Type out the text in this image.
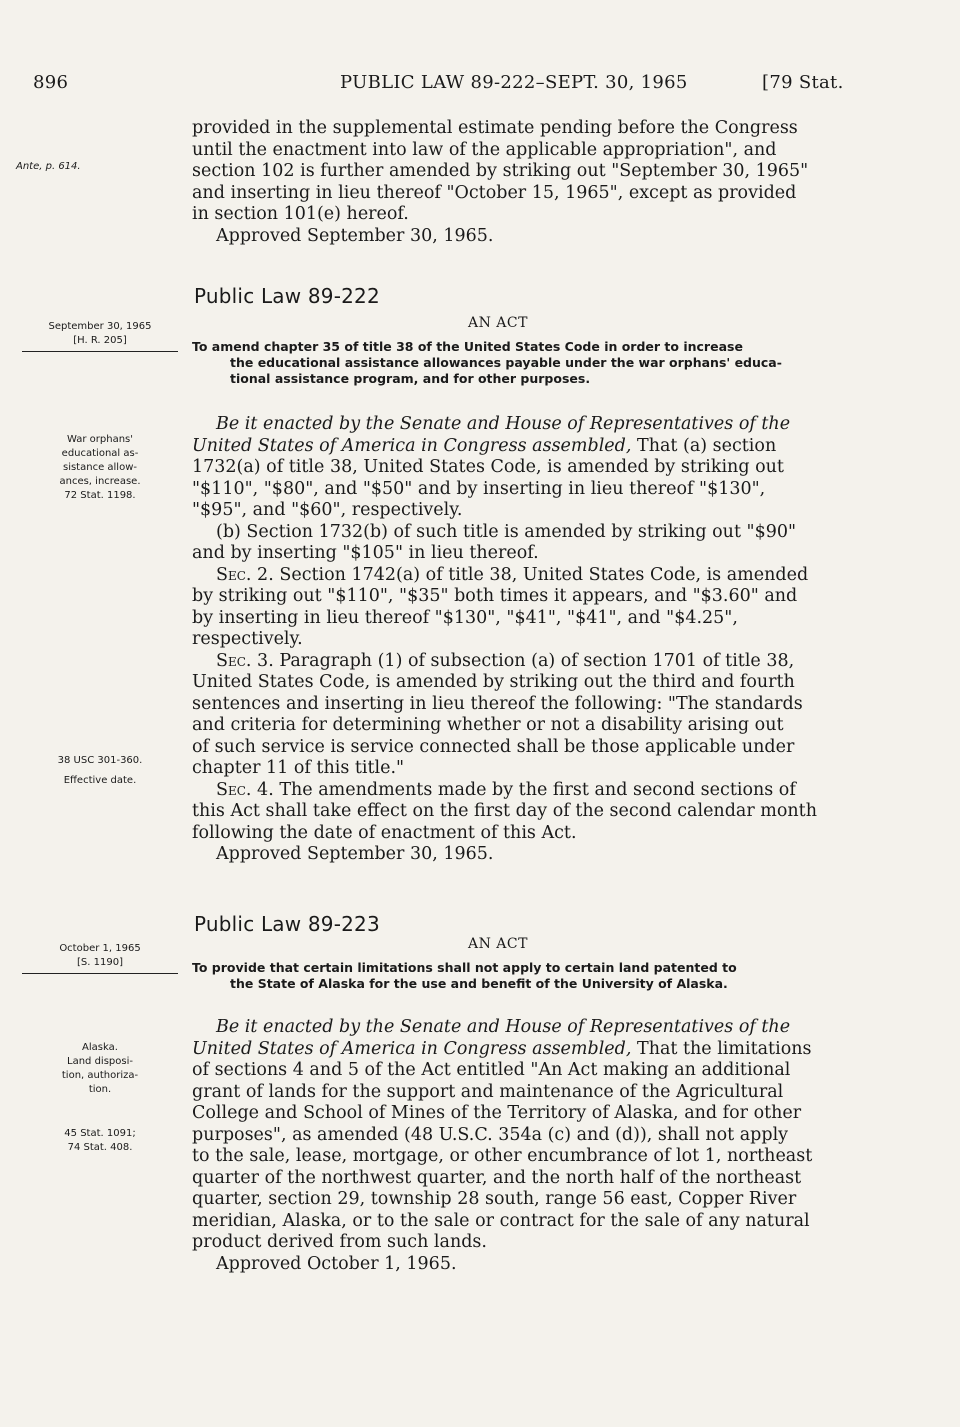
896	PUBLIC LAW 89-222–SEPT. 30, 1965	[79 Stat.
Ante, p. 614.
provided in the supplemental estimate pending before the Congress
until the enactment into law of the applicable appropriation", and
section 102 is further amended by striking out "September 30, 1965"
and inserting in lieu thereof "October 15, 1965", except as provided
in section 101(e) hereof.
Approved September 30, 1965.
Public Law 89-222
AN ACT
September 30, 1965
[H. R. 205]	To amend chapter 35 of title 38 of the United States Code in order to increase
the educational assistance allowances payable under the war orphans' educa-
tional assistance program, and for other purposes.
War orphans'
educational as-
sistance allow-
ances, increase.
72 Stat. 1198.
Be it enacted by the Senate and House of Representatives of the
United States of America in Congress assembled, That (a) section
1732(a) of title 38, United States Code, is amended by striking out
"$110", "$80", and "$50" and by inserting in lieu thereof "$130",
"$95", and "$60", respectively.
(b) Section 1732(b) of such title is amended by striking out "$90"
and by inserting "$105" in lieu thereof.
Sec. 2. Section 1742(a) of title 38, United States Code, is amended
by striking out "$110", "$35" both times it appears, and "$3.60" and
by inserting in lieu thereof "$130", "$41", "$41", and "$4.25",
respectively.
Sec. 3. Paragraph (1) of subsection (a) of section 1701 of title 38,
United States Code, is amended by striking out the third and fourth
sentences and inserting in lieu thereof the following: "The standards
and criteria for determining whether or not a disability arising out
of such service is service connected shall be those applicable under
chapter 11 of this title."
Sec. 4. The amendments made by the first and second sections of
this Act shall take effect on the first day of the second calendar month
following the date of enactment of this Act.
Approved September 30, 1965.
38 USC 301-360.
Effective date.
Public Law 89-223
AN ACT
October 1, 1965
[S. 1190]	To provide that certain limitations shall not apply to certain land patented to
the State of Alaska for the use and benefit of the University of Alaska.
Alaska.
Land disposi-
tion, authoriza-
tion.
45 Stat. 1091;
74 Stat. 408.
Be it enacted by the Senate and House of Representatives of the
United States of America in Congress assembled, That the limitations
of sections 4 and 5 of the Act entitled "An Act making an additional
grant of lands for the support and maintenance of the Agricultural
College and School of Mines of the Territory of Alaska, and for other
purposes", as amended (48 U.S.C. 354a (c) and (d)), shall not apply
to the sale, lease, mortgage, or other encumbrance of lot 1, northeast
quarter of the northwest quarter, and the north half of the northeast
quarter, section 29, township 28 south, range 56 east, Copper River
meridian, Alaska, or to the sale or contract for the sale of any natural
product derived from such lands.
Approved October 1, 1965.
